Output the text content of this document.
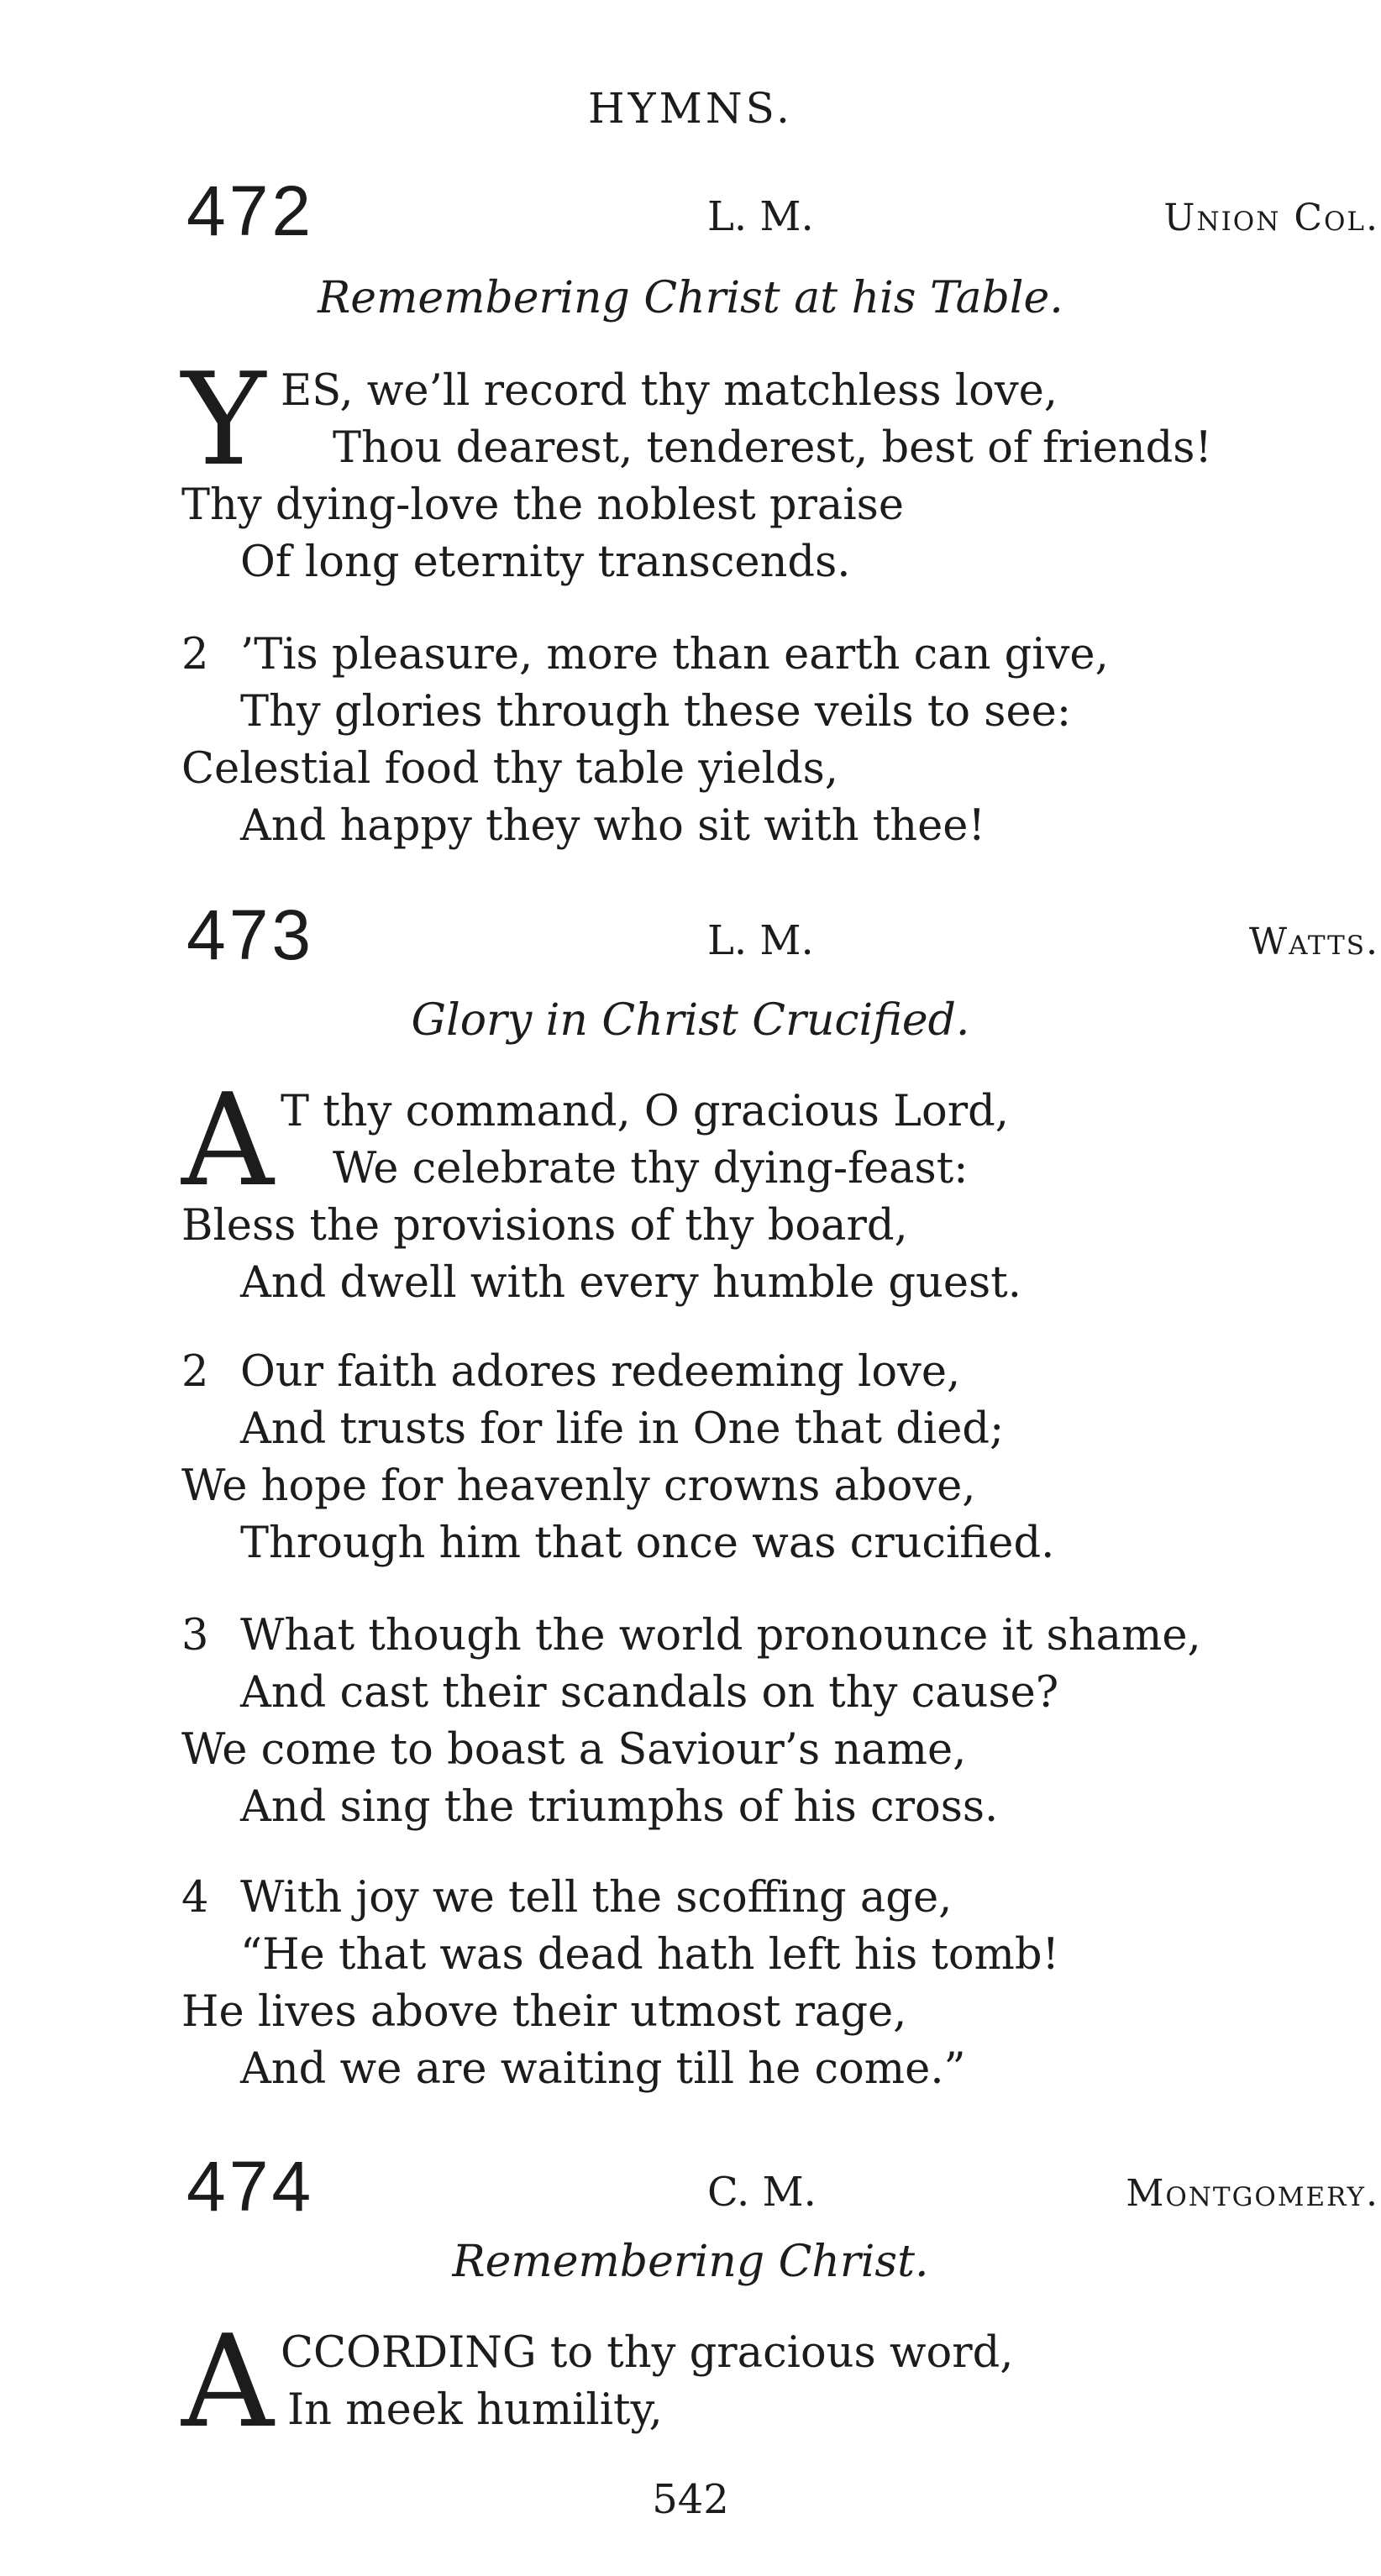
HYMNS.
472	L. M.	Union Col.
Remembering Christ at his Table.
Y ES, we’ll record thy matchless love,
Thou dearest, tenderest, best of friends!
Thy dying-love the noblest praise
Of long eternity transcends.
2 ’Tis pleasure, more than earth can give,
Thy glories through these veils to see:
Celestial food thy table yields,
And happy they who sit with thee!
473	L. M.	Watts.
Glory in Christ Crucified.
A T thy command, O gracious Lord,
We celebrate thy dying-feast:
Bless the provisions of thy board,
And dwell with every humble guest.
2 Our faith adores redeeming love,
And trusts for life in One that died;
We hope for heavenly crowns above,
Through him that once was crucified.
3 What though the world pronounce it shame,
And cast their scandals on thy cause?
We come to boast a Saviour’s name,
And sing the triumphs of his cross.
4 With joy we tell the scoffing age,
“He that was dead hath left his tomb!
He lives above their utmost rage,
And we are waiting till he come.”
474	C. M.	Montgomery.
Remembering Christ.
A CCORDING to thy gracious word,
In meek humility,
542
